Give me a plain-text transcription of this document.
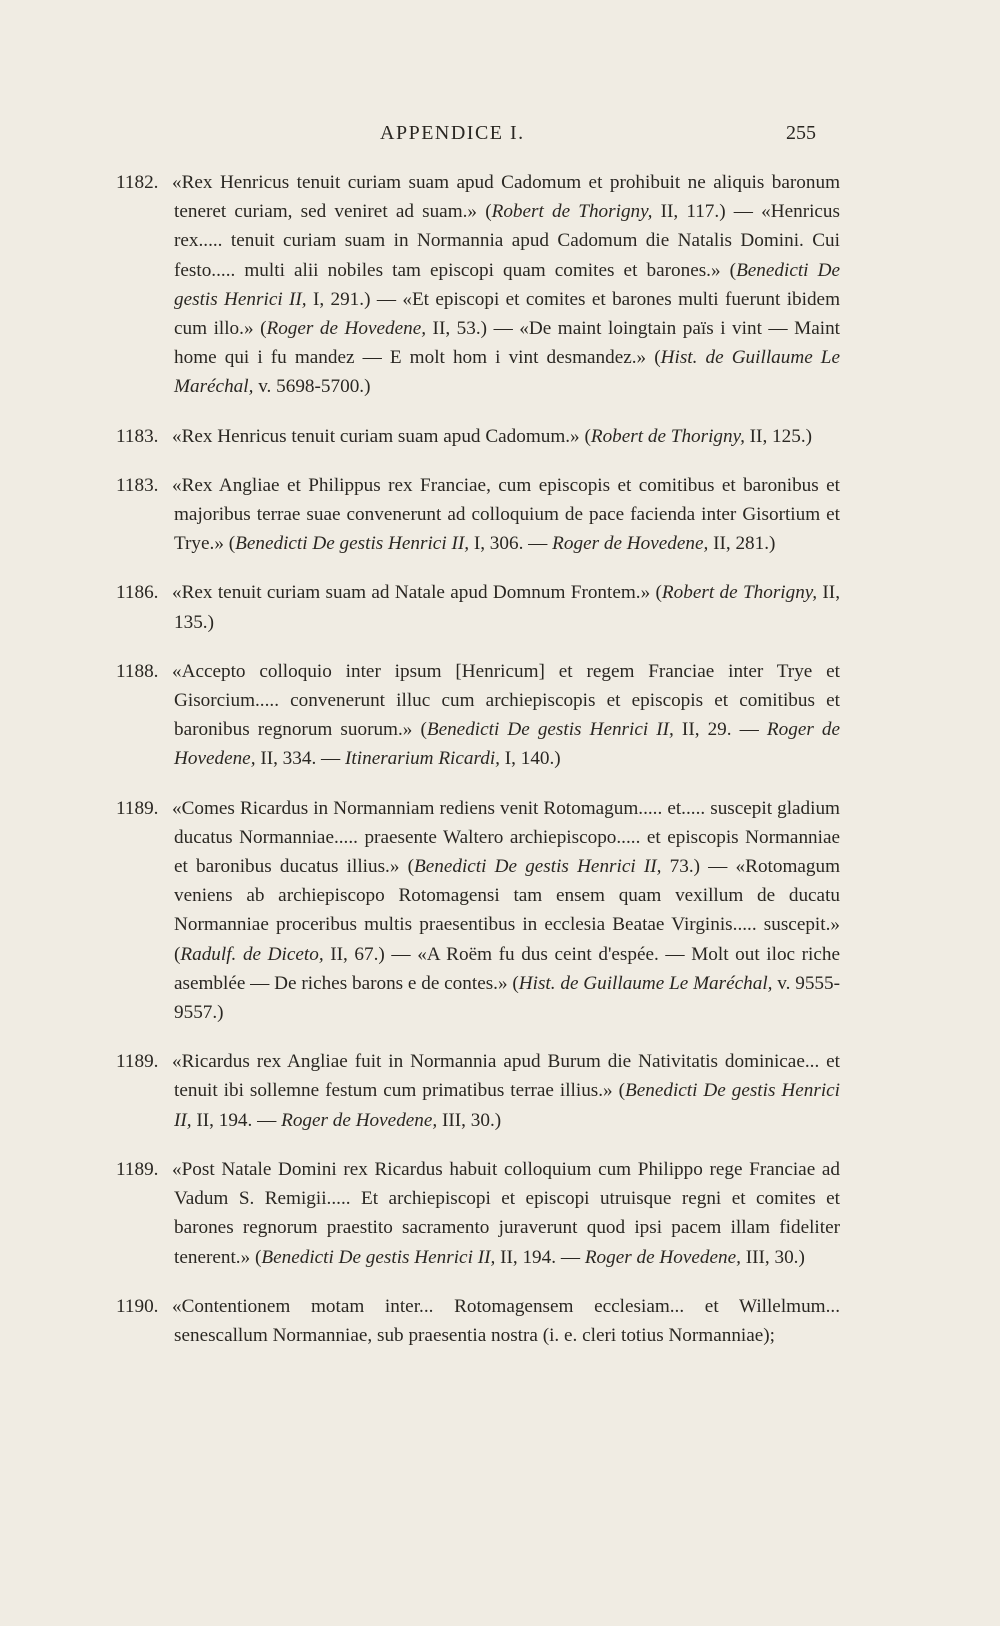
APPENDICE I.	255
1182. «Rex Henricus tenuit curiam suam apud Cadomum et prohibuit ne aliquis baronum teneret curiam, sed veniret ad suam.» (Robert de Thorigny, II, 117.) — «Henricus rex..... tenuit curiam suam in Normannia apud Cadomum die Natalis Domini. Cui festo..... multi alii nobiles tam episcopi quam comites et barones.» (Benedicti De gestis Henrici II, I, 291.) — «Et episcopi et comites et barones multi fuerunt ibidem cum illo.» (Roger de Hovedene, II, 53.) — «De maint loingtain païs i vint — Maint home qui i fu mandez — E molt hom i vint desmandez.» (Hist. de Guillaume Le Maréchal, v. 5698-5700.)
1183. «Rex Henricus tenuit curiam suam apud Cadomum.» (Robert de Thorigny, II, 125.)
1183. «Rex Angliae et Philippus rex Franciae, cum episcopis et comitibus et baronibus et majoribus terrae suae convenerunt ad colloquium de pace facienda inter Gisortium et Trye.» (Benedicti De gestis Henrici II, I, 306. — Roger de Hovedene, II, 281.)
1186. «Rex tenuit curiam suam ad Natale apud Domnum Frontem.» (Robert de Thorigny, II, 135.)
1188. «Accepto colloquio inter ipsum [Henricum] et regem Franciae inter Trye et Gisorcium..... convenerunt illuc cum archiepiscopis et episcopis et comitibus et baronibus regnorum suorum.» (Benedicti De gestis Henrici II, II, 29. — Roger de Hovedene, II, 334. — Itinerarium Ricardi, I, 140.)
1189. «Comes Ricardus in Normanniam rediens venit Rotomagum..... et..... suscepit gladium ducatus Normanniae..... praesente Waltero archiepiscopo..... et episcopis Normanniae et baronibus ducatus illius.» (Benedicti De gestis Henrici II, 73.) — «Rotomagum veniens ab archiepiscopo Rotomagensi tam ensem quam vexillum de ducatu Normanniae proceribus multis praesentibus in ecclesia Beatae Virginis..... suscepit.» (Radulf. de Diceto, II, 67.) — «A Roëm fu dus ceint d'espée. — Molt out iloc riche asemblée — De riches barons e de contes.» (Hist. de Guillaume Le Maréchal, v. 9555-9557.)
1189. «Ricardus rex Angliae fuit in Normannia apud Burum die Nativitatis dominicae... et tenuit ibi sollemne festum cum primatibus terrae illius.» (Benedicti De gestis Henrici II, II, 194. — Roger de Hovedene, III, 30.)
1189. «Post Natale Domini rex Ricardus habuit colloquium cum Philippo rege Franciae ad Vadum S. Remigii..... Et archiepiscopi et episcopi utruisque regni et comites et barones regnorum praestito sacramento juraverunt quod ipsi pacem illam fideliter tenerent.» (Benedicti De gestis Henrici II, II, 194. — Roger de Hovedene, III, 30.)
1190. «Contentionem motam inter... Rotomagensem ecclesiam... et Willelmum... senescallum Normanniae, sub praesentia nostra (i. e. cleri totius Normanniae);
